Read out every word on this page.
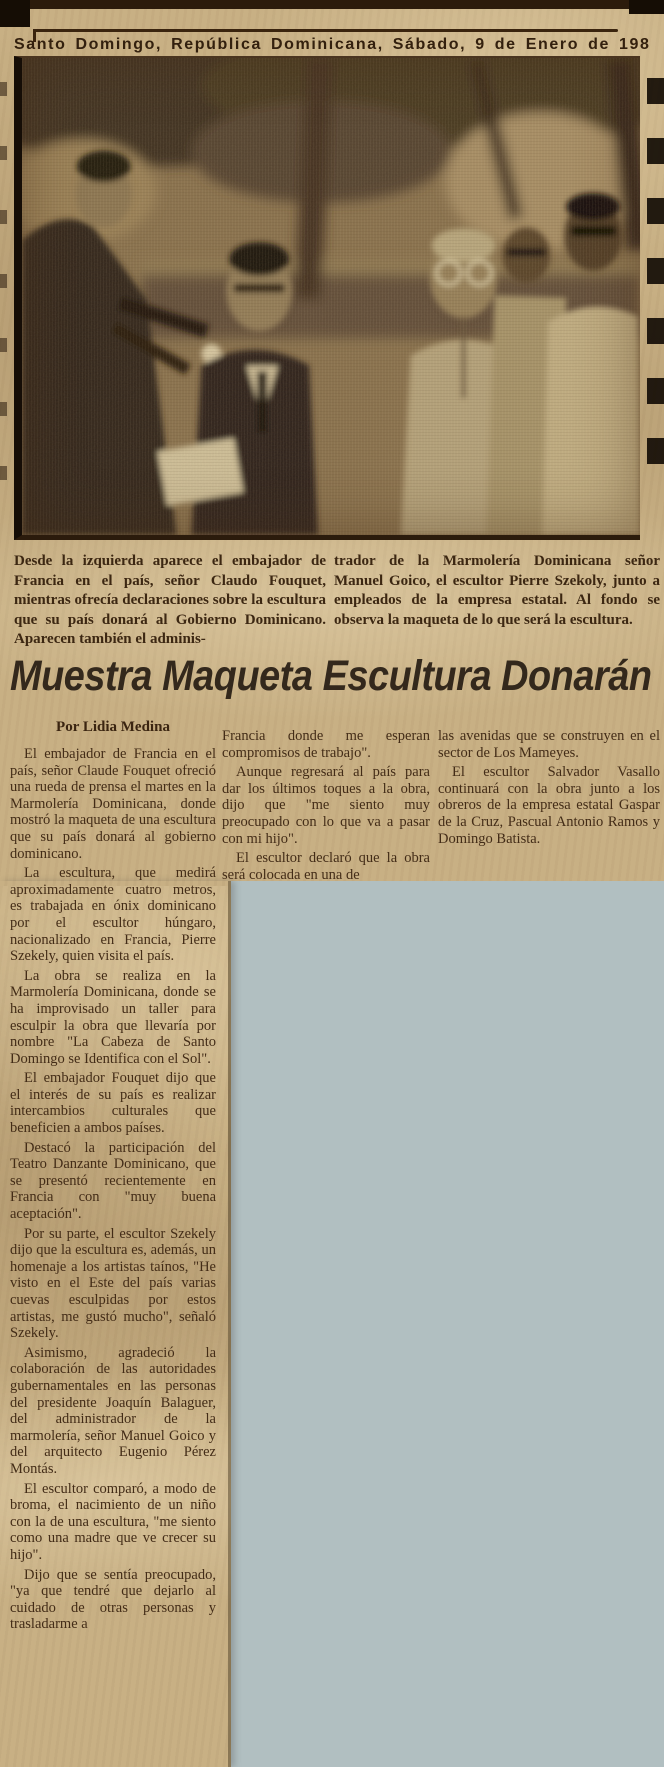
Santo Domingo, República Dominicana, Sábado, 9 de Enero de 198
Desde la izquierda aparece el embajador de Francia en el país, señor Claudo Fouquet, mientras ofrecía declaraciones sobre la escultura que su país donará al Gobierno Dominicano. Aparecen también el adminis-
trador de la Marmolería Dominicana señor Manuel Goico, el escultor Pierre Szekoly, junto a empleados de la empresa estatal. Al fondo se observa la maqueta de lo que será la escultura.
Muestra Maqueta Escultura Donarán
Por Lidia Medina

El embajador de Francia en el país, señor Claude Fouquet ofreció una rueda de prensa el martes en la Marmolería Dominicana, donde mostró la maqueta de una escultura que su país donará al gobierno dominicano.

La escultura, que medirá aproximadamente cuatro metros, es trabajada en ónix dominicano por el escultor húngaro, nacionalizado en Francia, Pierre Szekely, quien visita el país.

La obra se realiza en la Marmolería Dominicana, donde se ha improvisado un taller para esculpir la obra que llevaría por nombre "La Cabeza de Santo Domingo se Identifica con el Sol".

El embajador Fouquet dijo que el interés de su país es realizar intercambios culturales que beneficien a ambos países.

Destacó la participación del Teatro Danzante Dominicano, que se presentó recientemente en Francia con "muy buena aceptación".

Por su parte, el escultor Szekely dijo que la escultura es, además, un homenaje a los artistas taínos, "He visto en el Este del país varias cuevas esculpidas por estos artistas, me gustó mucho", señaló Szekely.

Asimismo, agradeció la colaboración de las autoridades gubernamentales en las personas del presidente Joaquín Balaguer, del administrador de la marmolería, señor Manuel Goico y del arquitecto Eugenio Pérez Montás.

El escultor comparó, a modo de broma, el nacimiento de un niño con la de una escultura, "me siento como una madre que ve crecer su hijo".

Dijo que se sentía preocupado, "ya que tendré que dejarlo al cuidado de otras personas y trasladarme a

Francia donde me esperan compromisos de trabajo".

Aunque regresará al país para dar los últimos toques a la obra, dijo que "me siento muy preocupado con lo que va a pasar con mi hijo".

El escultor declaró que la obra será colocada en una de

las avenidas que se construyen en el sector de Los Mameyes.

El escultor Salvador Vasallo continuará con la obra junto a los obreros de la empresa estatal Gaspar de la Cruz, Pascual Antonio Ramos y Domingo Batista.
